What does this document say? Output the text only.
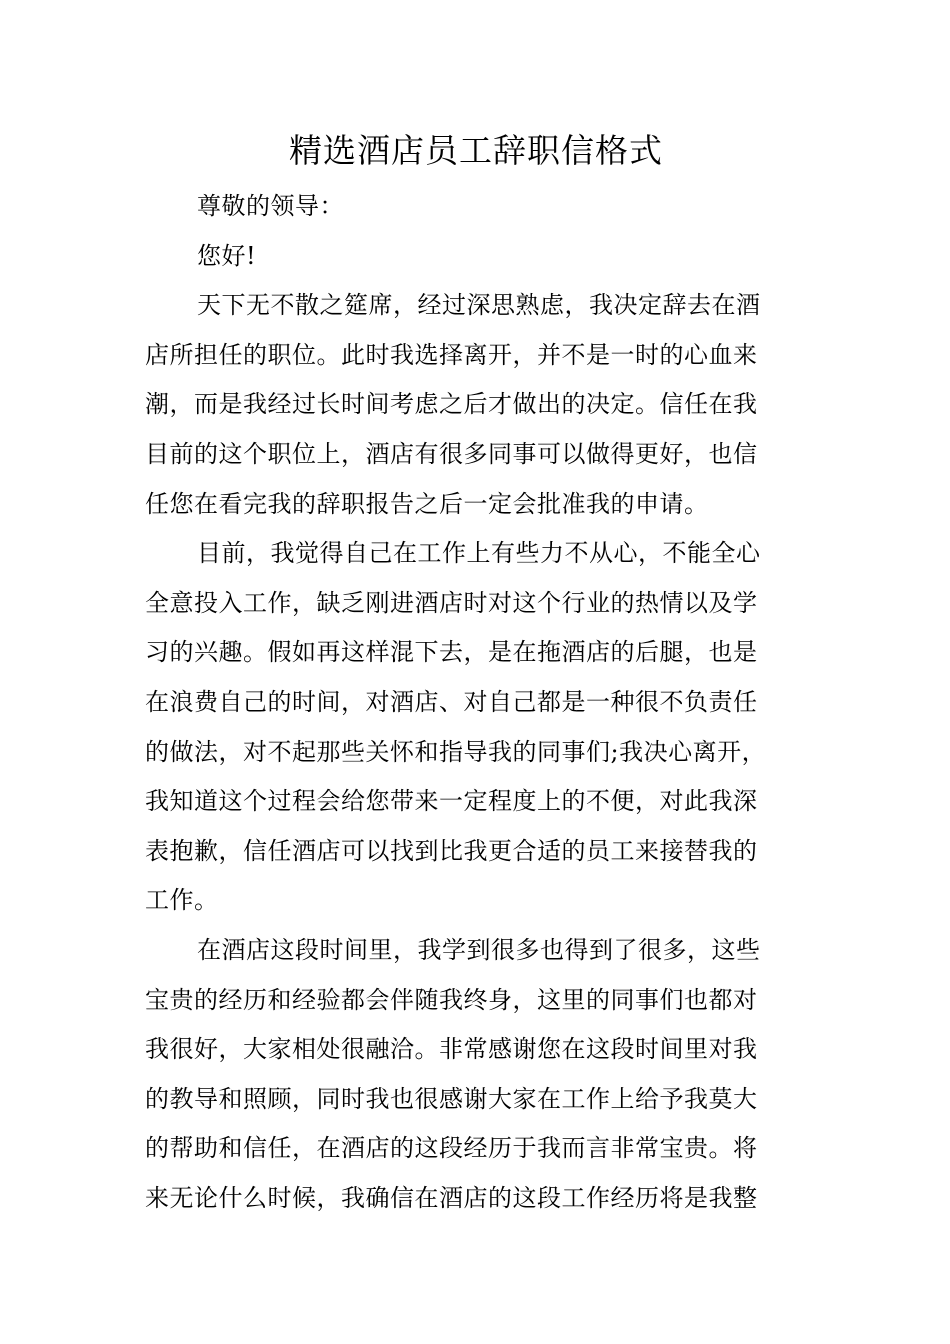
精选酒店员工辞职信格式

尊敬的领导：

您好!

天下无不散之筵席，经过深思熟虑，我决定辞去在酒

店所担任的职位。此时我选择离开，并不是一时的心血来

潮，而是我经过长时间考虑之后才做出的决定。信任在我

目前的这个职位上，酒店有很多同事可以做得更好，也信

任您在看完我的辞职报告之后一定会批准我的申请。

目前，我觉得自己在工作上有些力不从心，不能全心

全意投入工作，缺乏刚进酒店时对这个行业的热情以及学

习的兴趣。假如再这样混下去，是在拖酒店的后腿，也是

在浪费自己的时间，对酒店、对自己都是一种很不负责任

的做法，对不起那些关怀和指导我的同事们;我决心离开，

我知道这个过程会给您带来一定程度上的不便，对此我深

表抱歉，信任酒店可以找到比我更合适的员工来接替我的

工作。

在酒店这段时间里，我学到很多也得到了很多，这些

宝贵的经历和经验都会伴随我终身，这里的同事们也都对

我很好，大家相处很融洽。非常感谢您在这段时间里对我

的教导和照顾，同时我也很感谢大家在工作上给予我莫大

的帮助和信任，在酒店的这段经历于我而言非常宝贵。将

来无论什么时候，我确信在酒店的这段工作经历将是我整
